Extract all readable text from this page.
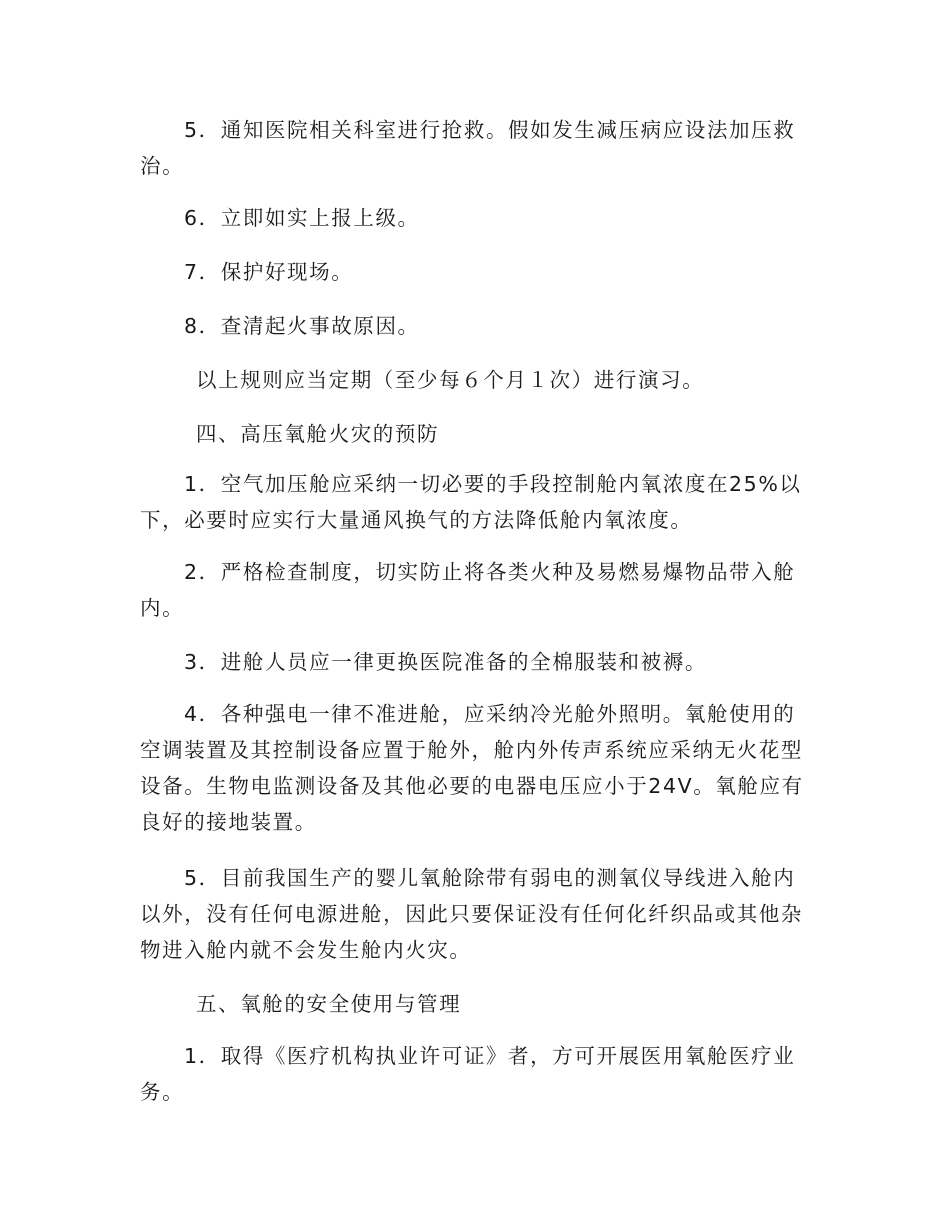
5．通知医院相关科室进行抢救。假如发生减压病应设法加压救治。

6．立即如实上报上级。

7．保护好现场。

8．查清起火事故原因。

以上规则应当定期（至少每６个月１次）进行演习。

四、高压氧舱火灾的预防

1．空气加压舱应采纳一切必要的手段控制舱内氧浓度在25%以下，必要时应实行大量通风换气的方法降低舱内氧浓度。

2．严格检查制度，切实防止将各类火种及易燃易爆物品带入舱内。

3．进舱人员应一律更换医院准备的全棉服装和被褥。

4．各种强电一律不准进舱，应采纳冷光舱外照明。氧舱使用的空调装置及其控制设备应置于舱外，舱内外传声系统应采纳无火花型设备。生物电监测设备及其他必要的电器电压应小于24V。氧舱应有良好的接地装置。

5．目前我国生产的婴儿氧舱除带有弱电的测氧仪导线进入舱内以外，没有任何电源进舱，因此只要保证没有任何化纤织品或其他杂物进入舱内就不会发生舱内火灾。

五、氧舱的安全使用与管理

1．取得《医疗机构执业许可证》者，方可开展医用氧舱医疗业务。
